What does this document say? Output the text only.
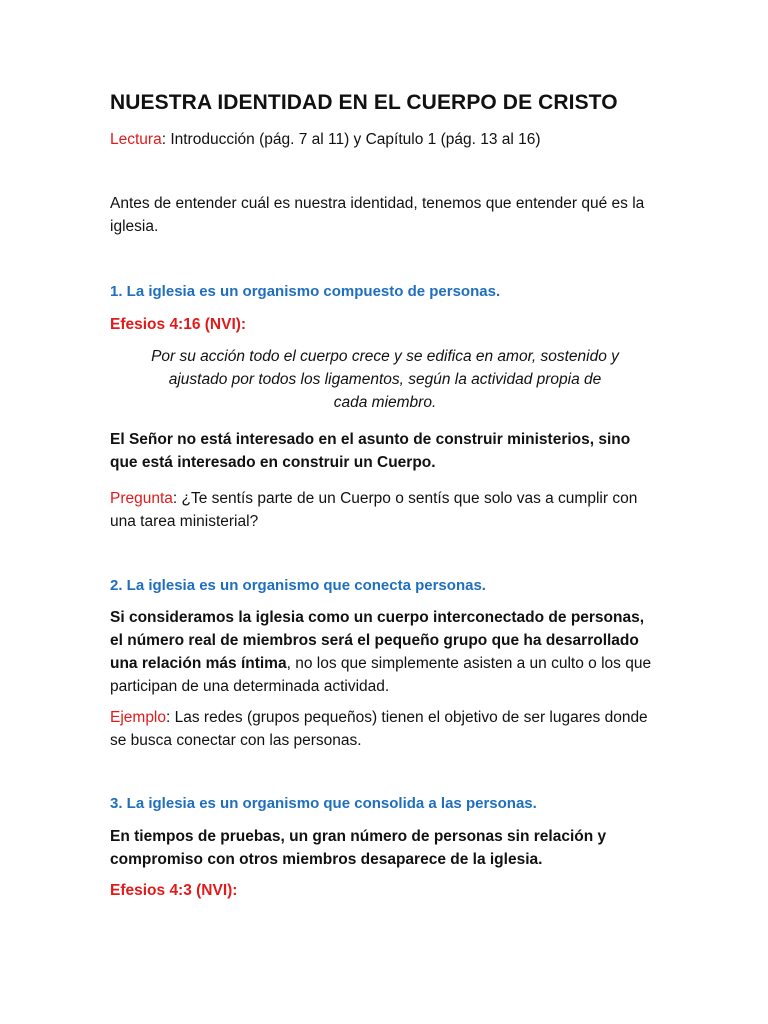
NUESTRA IDENTIDAD EN EL CUERPO DE CRISTO

Lectura: Introducción (pág. 7 al 11) y Capítulo 1 (pág. 13 al 16)

Antes de entender cuál es nuestra identidad, tenemos que entender qué es la iglesia.

1. La iglesia es un organismo compuesto de personas.

Efesios 4:16 (NVI):

Por su acción todo el cuerpo crece y se edifica en amor, sostenido y ajustado por todos los ligamentos, según la actividad propia de cada miembro.

El Señor no está interesado en el asunto de construir ministerios, sino que está interesado en construir un Cuerpo.

Pregunta: ¿Te sentís parte de un Cuerpo o sentís que solo vas a cumplir con una tarea ministerial?

2. La iglesia es un organismo que conecta personas.

Si consideramos la iglesia como un cuerpo interconectado de personas, el número real de miembros será el pequeño grupo que ha desarrollado una relación más íntima, no los que simplemente asisten a un culto o los que participan de una determinada actividad.

Ejemplo: Las redes (grupos pequeños) tienen el objetivo de ser lugares donde se busca conectar con las personas.

3. La iglesia es un organismo que consolida a las personas.

En tiempos de pruebas, un gran número de personas sin relación y compromiso con otros miembros desaparece de la iglesia.

Efesios 4:3 (NVI):
